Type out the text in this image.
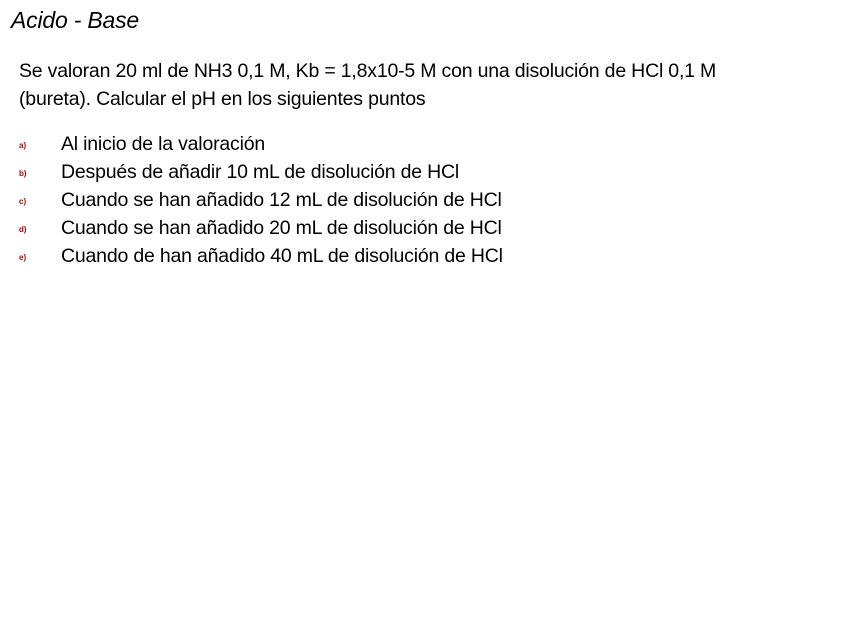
Acido - Base
Se valoran 20 ml de NH3 0,1 M, Kb = 1,8x10-5 M con una disolución de HCl 0,1 M
(bureta). Calcular el pH en los siguientes puntos
a) Al inicio de la valoración
b) Después de añadir 10 mL de disolución de HCl
c) Cuando se han añadido 12 mL de disolución de HCl
d) Cuando se han añadido 20 mL de disolución de HCl
e) Cuando de han añadido 40 mL de disolución de HCl
